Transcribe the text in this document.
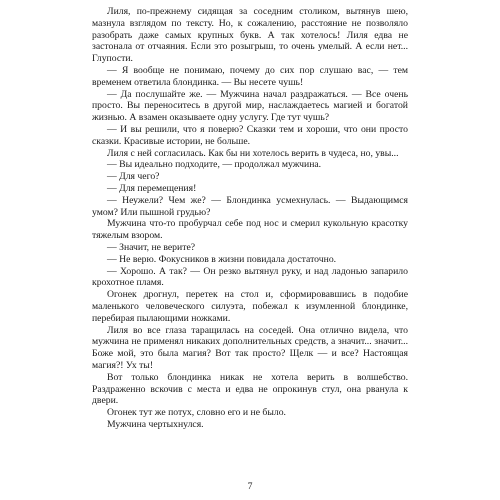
Лиля, по-прежнему сидящая за соседним столиком, вытянув шею, мазнула взглядом по тексту. Но, к сожалению, расстояние не позволяло разобрать даже самых крупных букв. А так хотелось! Лиля едва не застонала от отчаяния. Если это розыгрыш, то очень умелый. А если нет... Глупости.

— Я вообще не понимаю, почему до сих пор слушаю вас, — тем временем ответила блондинка. — Вы несете чушь!

— Да послушайте же. — Мужчина начал раздражаться. — Все очень просто. Вы переноситесь в другой мир, наслаждаетесь магией и богатой жизнью. А взамен оказываете одну услугу. Где тут чушь?

— И вы решили, что я поверю? Сказки тем и хороши, что они просто сказки. Красивые истории, не больше.

Лиля с ней согласилась. Как бы ни хотелось верить в чудеса, но, увы...

— Вы идеально подходите, — продолжал мужчина.

— Для чего?

— Для перемещения!

— Неужели? Чем же? — Блондинка усмехнулась. — Выдающимся умом? Или пышной грудью?

Мужчина что-то пробурчал себе под нос и смерил кукольную красотку тяжелым взором.

— Значит, не верите?

— Не верю. Фокусников в жизни повидала достаточно.

— Хорошо. А так? — Он резко вытянул руку, и над ладонью запарило крохотное пламя.

Огонек дрогнул, перетек на стол и, сформировавшись в подобие маленького человеческого силуэта, побежал к изумленной блондинке, перебирая пылающими ножками.

Лиля во все глаза таращилась на соседей. Она отлично видела, что мужчина не применял никаких дополнительных средств, а значит... значит... Боже мой, это была магия? Вот так просто? Щелк — и все? Настоящая магия?! Ух ты!

Вот только блондинка никак не хотела верить в волшебство. Раздраженно вскочив с места и едва не опрокинув стул, она рванула к двери.

Огонек тут же потух, словно его и не было.

Мужчина чертыхнулся.

7
